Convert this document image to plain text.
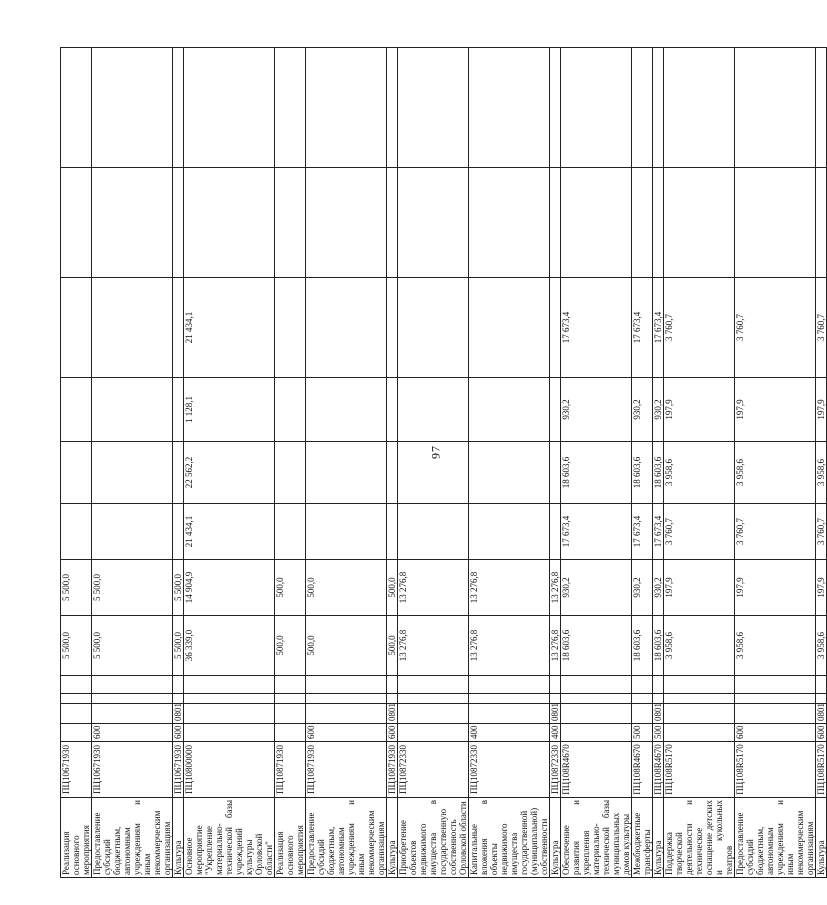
97
Реализация основного мероприятия	ПЦ10671930					5 500,0	5 500,0						
Предоставление субсидий бюджетным, автономным учреждениям и иным некоммерческим организациям	ПЦ10671930	600				5 500,0	5 500,0						
Культура	ПЦ10671930	600	0801			5 500,0	5 500,0						
Основное мероприятие "Укрепление материально-технической базы учреждений культуры Орловской области"	ПЦ10800000					36 339,0	14 904,9	21 434,1	22 562,2	1 128,1	21 434,1		
Реализация основного мероприятия	ПЦ10871930					500,0	500,0						
Предоставление субсидий бюджетным, автономным учреждениям и иным некоммерческим организациям	ПЦ10871930	600				500,0	500,0						
Культура	ПЦ10871930	600	0801			500,0	500,0						
Приобретение объектов недвижимого имущества в государственную собственность Орловской области	ПЦ10872330					13 276,8	13 276,8						
Капитальные вложения в объекты недвижимого имущества государственной (муниципальной) собственности	ПЦ10872330	400				13 276,8	13 276,8						
Культура	ПЦ10872330	400	0801			13 276,8	13 276,8						
Обеспечение развития и укрепления материально-технической базы муниципальных домов культуры	ПЦ108R4670					18 603,6	930,2	17 673,4	18 603,6	930,2	17 673,4		
Межбюджетные трансферты	ПЦ108R4670	500				18 603,6	930,2	17 673,4	18 603,6	930,2	17 673,4		
Культура	ПЦ108R4670	500	0801			18 603,6	930,2	17 673,4	18 603,6	930,2	17 673,4		
Поддержка творческой деятельности и техническое оснащение детских и кукольных театров	ПЦ108R5170					3 958,6	197,9	3 760,7	3 958,6	197,9	3 760,7		
Предоставление субсидий бюджетным, автономным учреждениям и иным некоммерческим организациям	ПЦ108R5170	600				3 958,6	197,9	3 760,7	3 958,6	197,9	3 760,7		
Культура	ПЦ108R5170	600	0801			3 958,6	197,9	3 760,7	3 958,6	197,9	3 760,7		
